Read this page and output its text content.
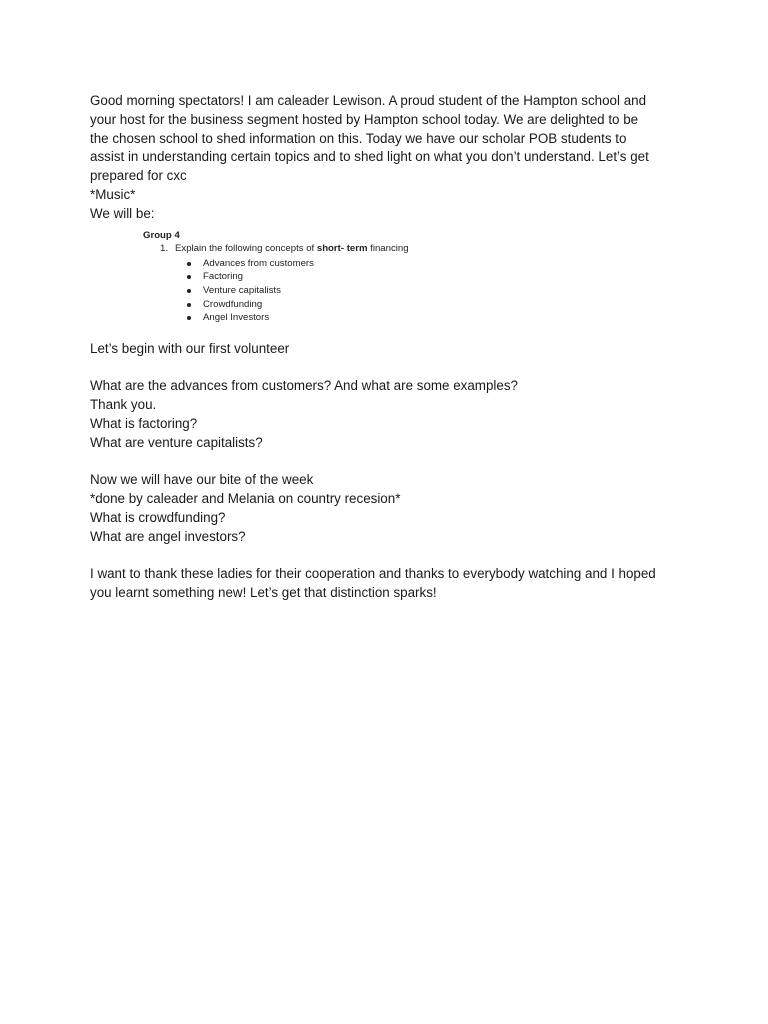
Good morning spectators! I am caleader Lewison. A proud student of the Hampton school and
your host for the business segment hosted by Hampton school today. We are delighted to be
the chosen school to shed information on this. Today we have our scholar POB students to
assist in understanding certain topics and to shed light on what you don’t understand. Let’s get
prepared for cxc
*Music*
We will be:
Group 4
1. Explain the following concepts of short- term financing
Advances from customers
Factoring
Venture capitalists
Crowdfunding
Angel Investors
Let’s begin with our first volunteer
What are the advances from customers? And what are some examples?
Thank you.
What is factoring?
What are venture capitalists?
Now we will have our bite of the week
*done by caleader and Melania on country recesion*
What is crowdfunding?
What are angel investors?
I want to thank these ladies for their cooperation and thanks to everybody watching and I hoped
you learnt something new! Let’s get that distinction sparks!
